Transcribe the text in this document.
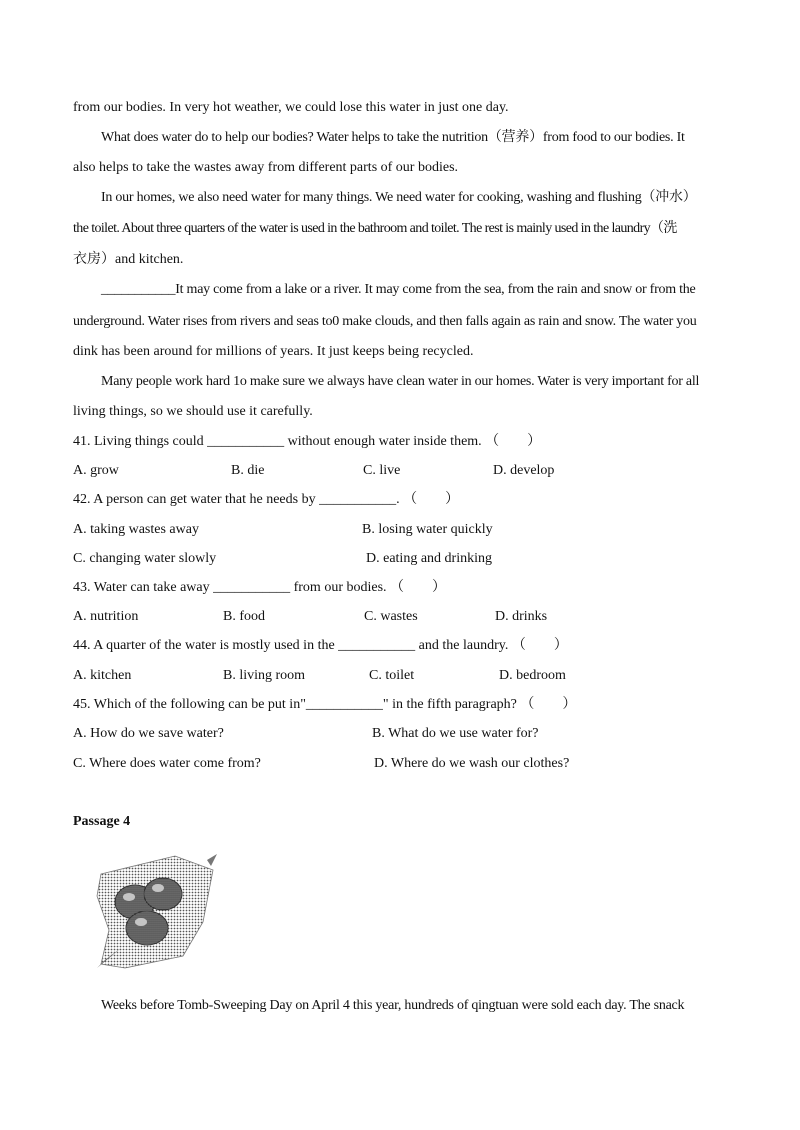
from our bodies. In very hot weather, we could lose this water in just one day.
What does water do to help our bodies? Water helps to take the nutrition（营养）from food to our bodies. It
also helps to take the wastes away from different parts of our bodies.
In our homes, we also need water for many things. We need water for cooking, washing and flushing（冲水）
the toilet. About three quarters of the water is used in the bathroom and toilet. The rest is mainly used in the laundry（洗
衣房）and kitchen.
___________It may come from a lake or a river. It may come from the sea, from the rain and snow or from the
underground. Water rises from rivers and seas to0 make clouds, and then falls again as rain and snow. The water you
dink has been around for millions of years. It just keeps being recycled.
Many people work hard 1o make sure we always have clean water in our homes. Water is very important for all
living things, so we should use it carefully.
41. Living things could ___________ without enough water inside them. （　　）
A. grow	B. die	C. live	D. develop
42. A person can get water that he needs by ___________. （　　）
A. taking wastes away	B. losing water quickly
C. changing water slowly	D. eating and drinking
43. Water can take away ___________ from our bodies. （　　）
A. nutrition	B. food	C. wastes	D. drinks
44. A quarter of the water is mostly used in the ___________ and the laundry. （　　）
A. kitchen	B. living room	C. toilet	D. bedroom
45. Which of the following can be put in"___________" in the fifth paragraph? （　　）
A. How do we save water?	B. What do we use water for?
C. Where does water come from?	D. Where do we wash our clothes?
Passage 4
Weeks before Tomb-Sweeping Day on April 4 this year, hundreds of qingtuan were sold each day. The snack
